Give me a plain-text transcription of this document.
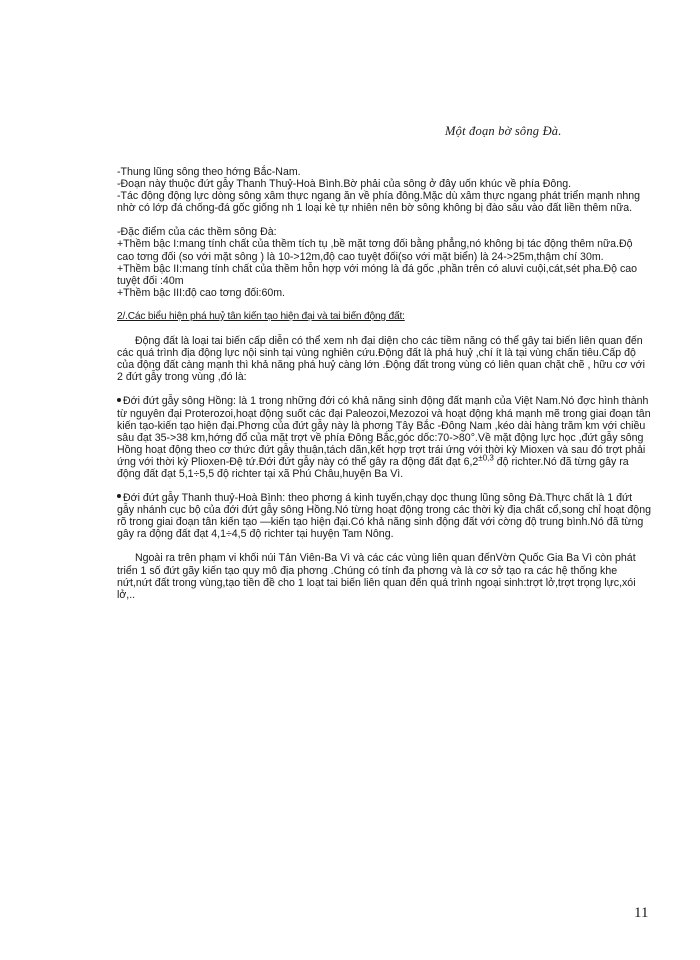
Một đoạn bờ sông Đà.

-Thung lũng sông theo hớng Bắc-Nam.

-Đoạn này thuộc đứt gẫy Thanh Thuỷ-Hoà Bình.Bờ phải của sông ở đây uốn khúc về phía Đông.

-Tác động động lực dòng sông xâm thực ngang ăn về phía đông.Mặc dù xâm thực ngang phát triển mạnh nhng nhờ có lớp đá chống-đá gốc giống nh 1 loại kè tự nhiên nên bờ sông không bị đào sâu vào đất liền thêm nữa.

-Đặc điểm của các thềm sông Đà:

+Thềm bậc I:mang tính chất của thềm tích tụ ,bề mặt tơng đối bằng phẳng,nó không bị tác động thêm nữa.Độ cao tơng đối (so với mặt sông ) là 10->12m,độ cao tuyệt đối(so với mặt biển) là 24->25m,thậm chí 30m.

+Thềm bậc II:mang tính chất của thềm hỗn hợp với móng là đá gốc ,phần trên có aluvi cuội,cát,sét pha.Độ cao tuyệt đối :40m

+Thềm bậc III:độ cao tơng đối:60m.

2/.Các biểu hiện phá huỷ tân kiến tạo hiện đại và tai biến động đất:

Động đất là loại tai biến cấp diễn có thể xem nh đại diện cho các tiềm năng có thể gây tai biến liên quan đến các quá trình địa động lực nội sinh tại vùng nghiên cứu.Động đất là phá huỷ ,chí ít là tại vùng chấn tiêu.Cấp độ của động đất càng mạnh thì khả năng phá huỷ càng lớn .Động đất trong vùng có liên quan chặt chẽ , hữu cơ với 2 đứt gẫy trong vùng ,đó là:

Đới đứt gẫy sông Hồng: là 1 trong những đới có khả năng sinh động đất mạnh của Việt Nam.Nó đợc hình thành từ nguyên đại Proterozoi,hoạt động suốt các đại Paleozoi,Mezozoi và hoạt động khá mạnh mẽ trong giai đoạn tân kiến tạo-kiến tạo hiện đại.Phơng của đứt gẫy này là phơng Tây Bắc -Đông Nam ,kéo dài hàng trăm km với chiều sâu đạt 35->38 km,hớng đổ của mặt trợt về phía Đông Bắc,góc dốc:70->80°.Về mặt động lực học ,đứt gẫy sông Hồng hoạt động theo cơ thức đứt gẫy thuận,tách dãn,kết hợp trợt trái ứng với thời kỳ Mioxen và sau đó trợt phải ứng với thời kỳ Plioxen-Đệ tứ.Đới đứt gẫy này có thể gây ra động đất đạt $6,2^{\pm 0,3}$ độ richter.Nó đã từng gây ra động đất đạt 5,1÷5,5 độ richter tại xã Phú Châu,huyện Ba Vì.

Đới đứt gẫy Thanh thuỷ-Hoà Bình: theo phơng á kinh tuyến,chạy dọc thung lũng sông Đà.Thực chất là 1 đứt gẫy nhánh cục bộ của đới đứt gẫy sông Hồng.Nó từng hoạt động trong các thời kỳ địa chất cổ,song chỉ hoạt động rõ trong giai đoạn tân kiến tạo —kiến tạo hiện đại.Có khả năng sinh động đất với cờng độ trung bình.Nó đã từng gây ra động đất đạt 4,1÷4,5 độ richter tại huyện Tam Nông.

Ngoài ra trên phạm vi khối núi Tản Viên-Ba Vì và các các vùng liên quan đếnVờn Quốc Gia Ba Vì còn phát triển 1 số đứt gãy kiến tạo quy mô địa phơng .Chúng có tính đa phơng và là cơ sở tạo ra các hệ thống khe nứt,nứt đất trong vùng,tạo tiền đề cho 1 loạt tai biến liên quan đến quá trình ngoại sinh:trợt lở,trợt trọng lực,xói lở,..

11
